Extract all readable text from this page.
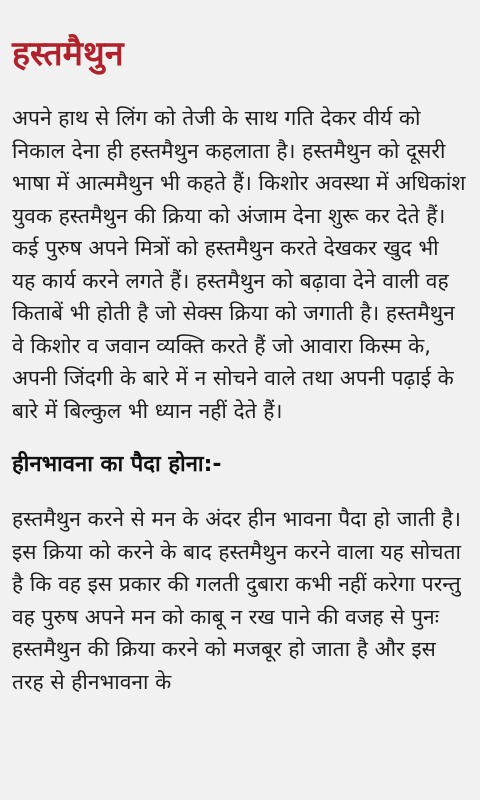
हस्तमैथुन

अपने हाथ से लिंग को तेजी के साथ गति देकर वीर्य को निकाल देना ही हस्तमैथुन कहलाता है। हस्तमैथुन को दूसरी भाषा में आत्ममैथुन भी कहते हैं। किशोर अवस्था में अधिकांश युवक हस्तमैथुन की क्रिया को अंजाम देना शुरू कर देते हैं। कई पुरुष अपने मित्रों को हस्तमैथुन करते देखकर खुद भी यह कार्य करने लगते हैं। हस्तमैथुन को बढ़ावा देने वाली वह किताबें भी होती है जो सेक्स क्रिया को जगाती है। हस्तमैथुन वे किशोर व जवान व्यक्ति करते हैं जो आवारा किस्म के, अपनी जिंदगी के बारे में न सोचने वाले तथा अपनी पढ़ाई के बारे में बिल्कुल भी ध्यान नहीं देते हैं।

हीनभावना का पैदा होना:-

हस्तमैथुन करने से मन के अंदर हीन भावना पैदा हो जाती है। इस क्रिया को करने के बाद हस्तमैथुन करने वाला यह सोचता है कि वह इस प्रकार की गलती दुबारा कभी नहीं करेगा परन्तु वह पुरुष अपने मन को काबू न रख पाने की वजह से पुनः हस्तमैथुन की क्रिया करने को मजबूर हो जाता है और इस तरह से हीनभावना के
